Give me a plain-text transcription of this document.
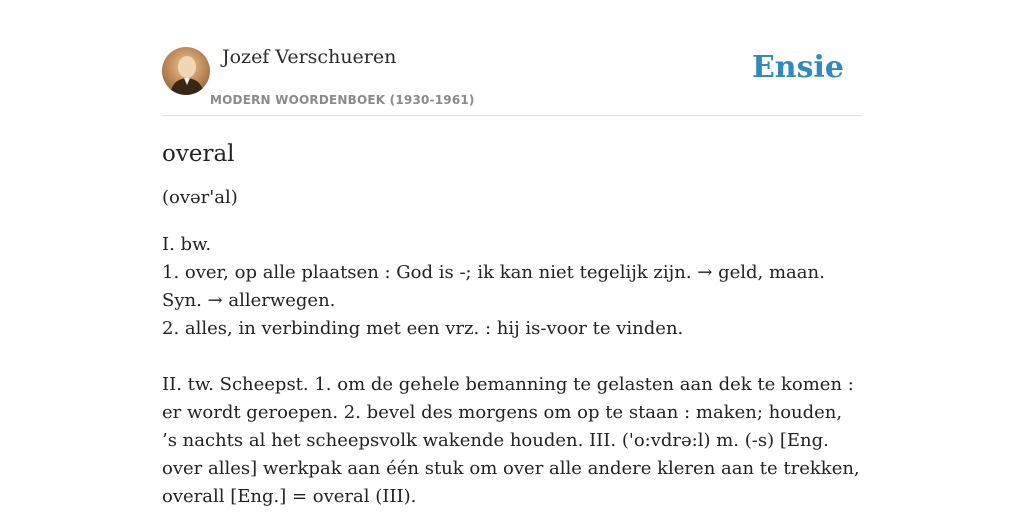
Jozef Verschueren
MODERN WOORDENBOEK (1930-1961)
Ensie
overal
(ovər'al)
I. bw.
1. over, op alle plaatsen : God is -; ik kan niet tegelijk zijn. → geld, maan. Syn. → allerwegen.
2. alles, in verbinding met een vrz. : hij is-voor te vinden.
II. tw. Scheepst. 1. om de gehele bemanning te gelasten aan dek te komen : er wordt geroepen. 2. bevel des morgens om op te staan : maken; houden, ’s nachts al het scheepsvolk wakende houden. III. ('o:vdrə:l) m. (-s) [Eng. over alles] werkpak aan één stuk om over alle andere kleren aan te trekken, overall [Eng.] = overal (III).
